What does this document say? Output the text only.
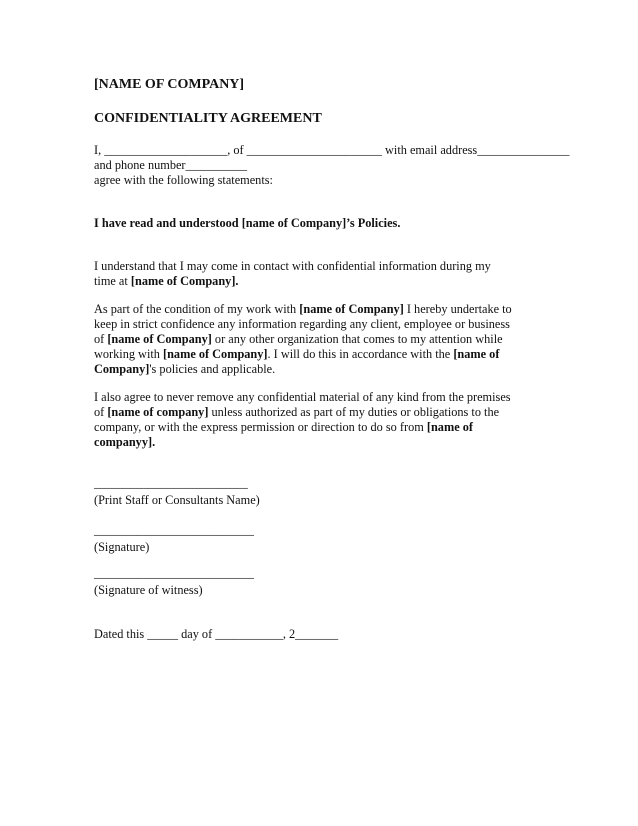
[NAME OF COMPANY]
CONFIDENTIALITY AGREEMENT
I, ____________________, of ______________________ with email address_______________
and phone number__________
agree with the following statements:
I have read and understood [name of Company]’s Policies.
I understand that I may come in contact with confidential information during my
time at [name of Company].
As part of the condition of my work with [name of Company] I hereby undertake to
keep in strict confidence any information regarding any client, employee or business
of [name of Company] or any other organization that comes to my attention while
working with [name of Company]. I will do this in accordance with the [name of
Company]'s policies and applicable.
I also agree to never remove any confidential material of any kind from the premises
of [name of company] unless authorized as part of my duties or obligations to the
company, or with the express permission or direction to do so from [name of
companyy].
_________________________
(Print Staff or Consultants Name)
__________________________
(Signature)
__________________________
(Signature of witness)
Dated this _____ day of ___________, 2_______
